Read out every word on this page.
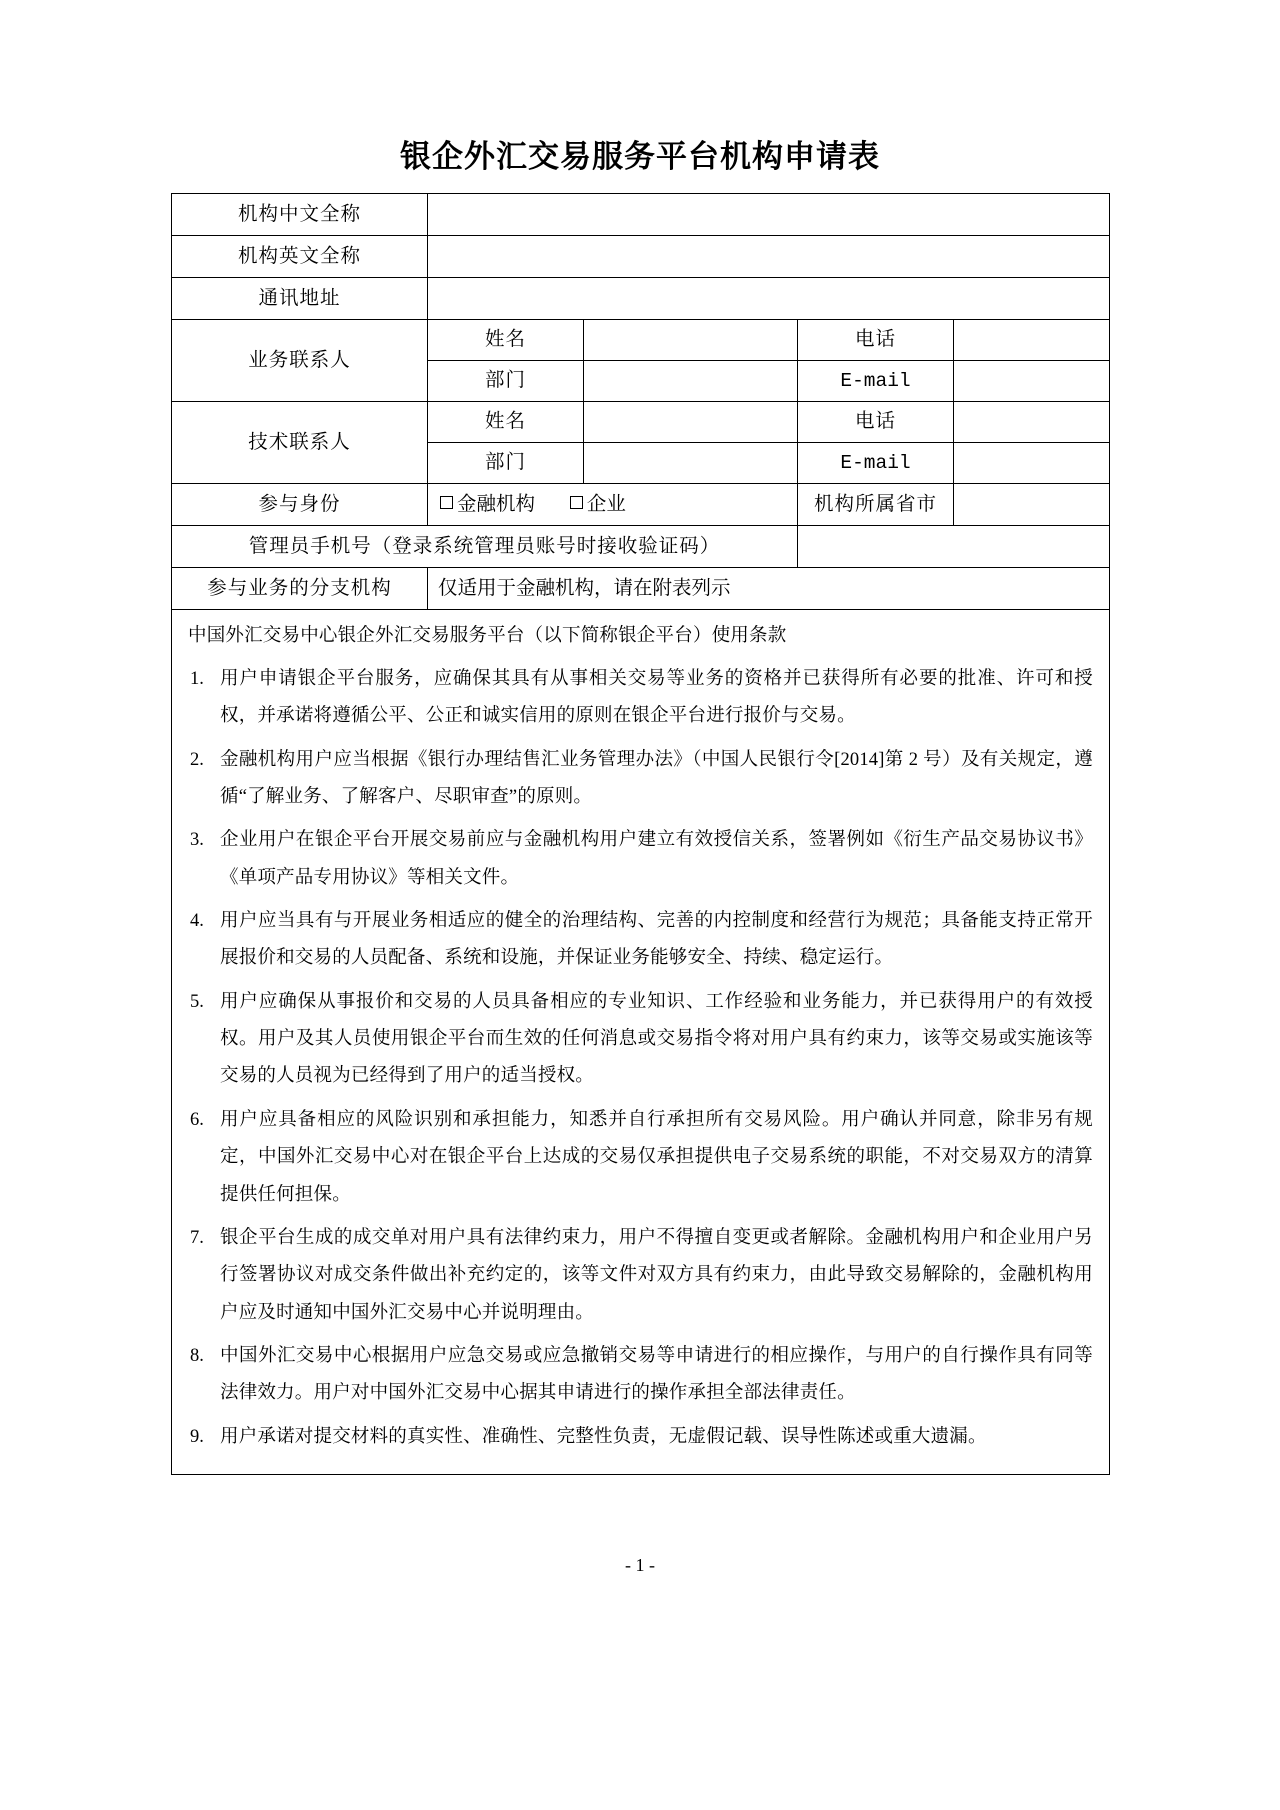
银企外汇交易服务平台机构申请表
机构中文全称				
机构英文全称				
通讯地址				
业务联系人	姓名		电话	
	部门		E-mail	
技术联系人	姓名		电话	
	部门		E-mail	
参与身份	金融机构 企业		机构所属省市	
管理员手机号（登录系统管理员账号时接收验证码）				
参与业务的分支机构	仅适用于金融机构，请在附表列示			

中国外汇交易中心银企外汇交易服务平台（以下简称银企平台）使用条款
1. 用户申请银企平台服务，应确保其具有从事相关交易等业务的资格并已获得所有必要的批准、许可和授权，并承诺将遵循公平、公正和诚实信用的原则在银企平台进行报价与交易。
2. 金融机构用户应当根据《银行办理结售汇业务管理办法》（中国人民银行令[2014]第 2 号）及有关规定，遵循“了解业务、了解客户、尽职审查”的原则。
3. 企业用户在银企平台开展交易前应与金融机构用户建立有效授信关系，签署例如《衍生产品交易协议书》《单项产品专用协议》等相关文件。
4. 用户应当具有与开展业务相适应的健全的治理结构、完善的内控制度和经营行为规范；具备能支持正常开展报价和交易的人员配备、系统和设施，并保证业务能够安全、持续、稳定运行。
5. 用户应确保从事报价和交易的人员具备相应的专业知识、工作经验和业务能力，并已获得用户的有效授权。用户及其人员使用银企平台而生效的任何消息或交易指令将对用户具有约束力，该等交易或实施该等交易的人员视为已经得到了用户的适当授权。
6. 用户应具备相应的风险识别和承担能力，知悉并自行承担所有交易风险。用户确认并同意，除非另有规定，中国外汇交易中心对在银企平台上达成的交易仅承担提供电子交易系统的职能，不对交易双方的清算提供任何担保。
7. 银企平台生成的成交单对用户具有法律约束力，用户不得擅自变更或者解除。金融机构用户和企业用户另行签署协议对成交条件做出补充约定的，该等文件对双方具有约束力，由此导致交易解除的，金融机构用户应及时通知中国外汇交易中心并说明理由。
8. 中国外汇交易中心根据用户应急交易或应急撤销交易等申请进行的相应操作，与用户的自行操作具有同等法律效力。用户对中国外汇交易中心据其申请进行的操作承担全部法律责任。
9. 用户承诺对提交材料的真实性、准确性、完整性负责，无虚假记载、误导性陈述或重大遗漏。
- 1 -
